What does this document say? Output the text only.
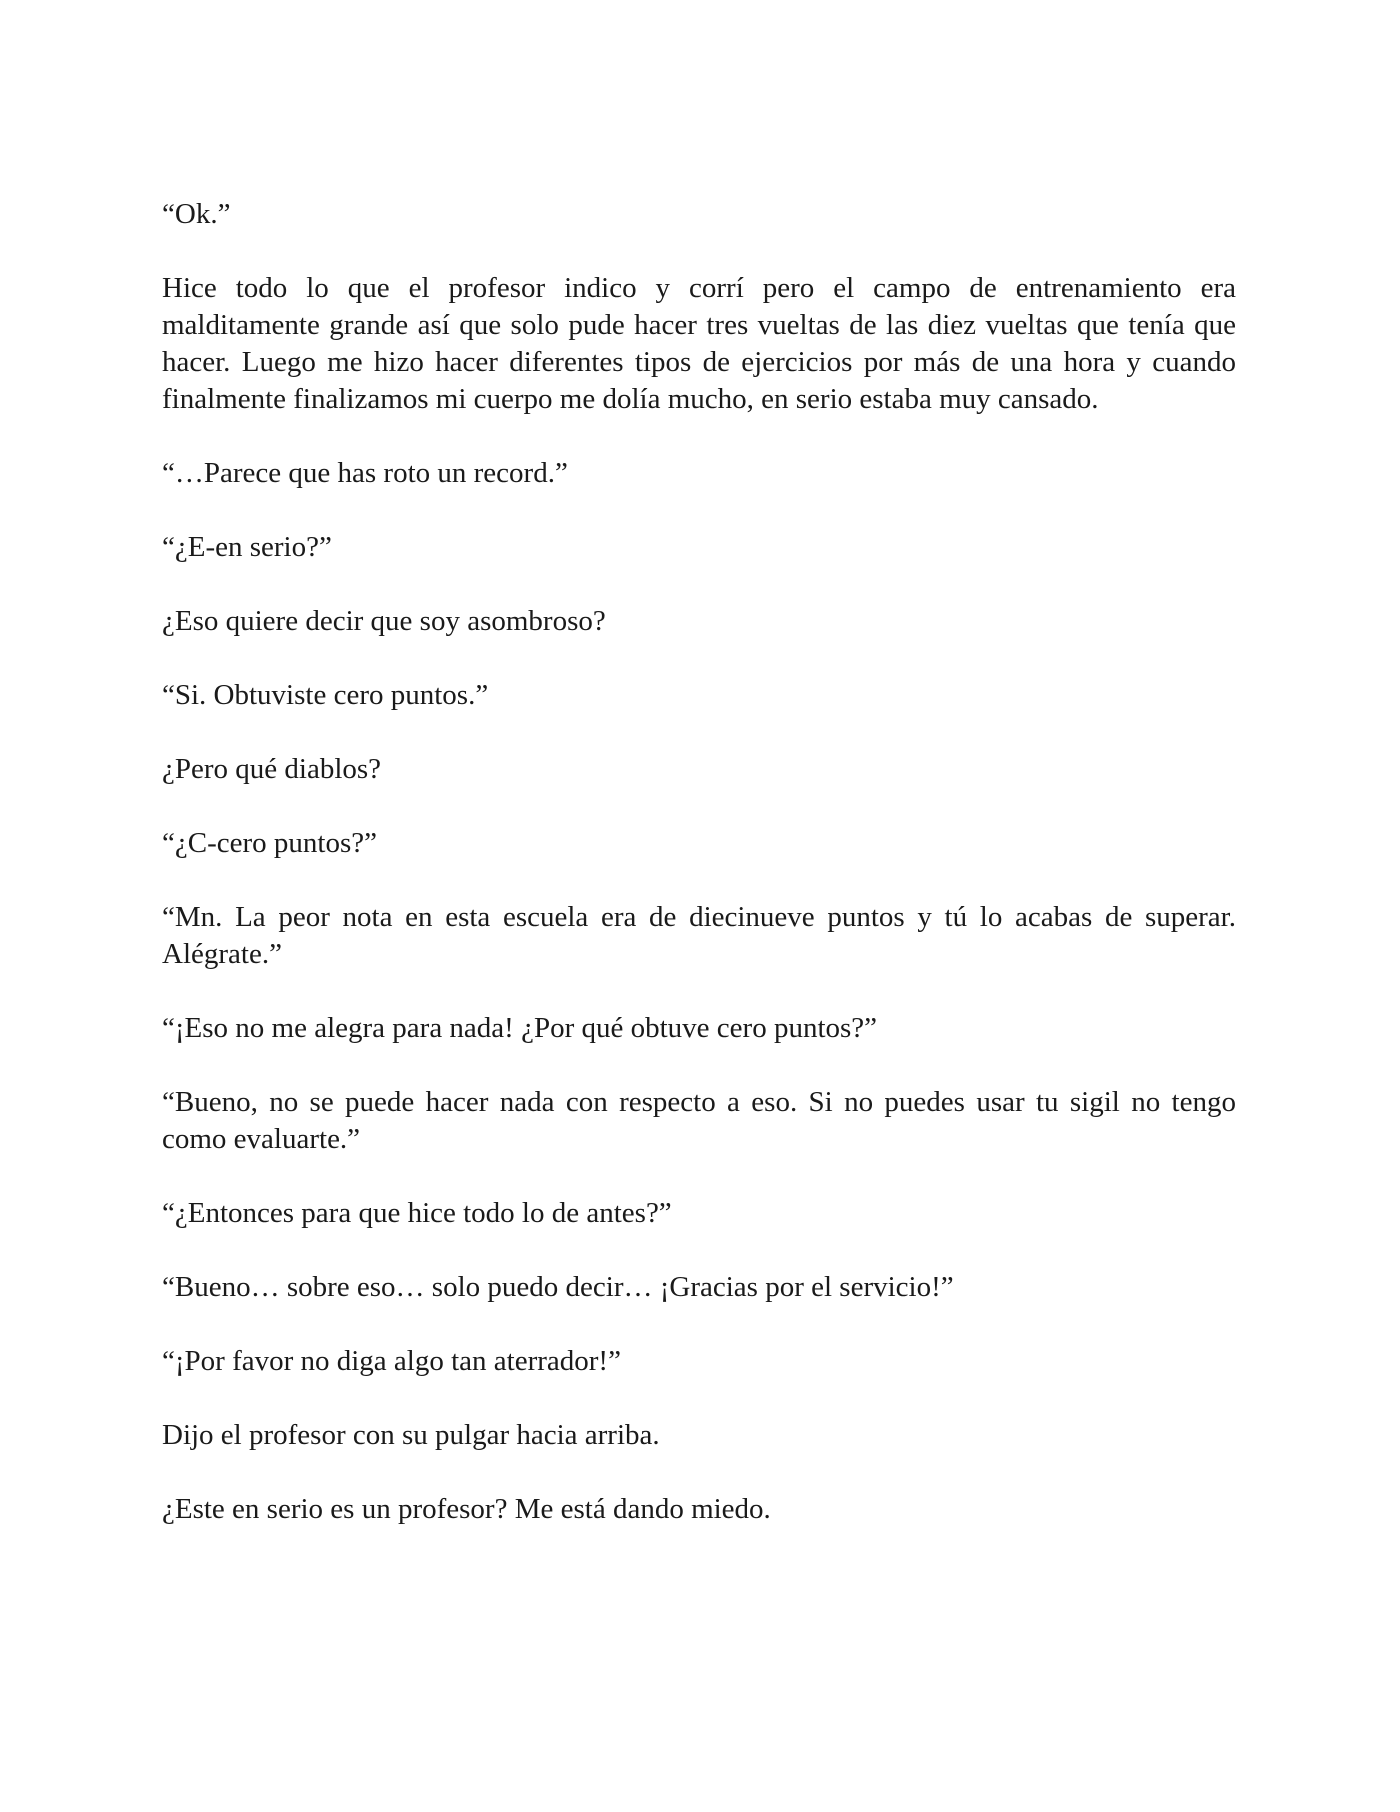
“Ok.”

Hice todo lo que el profesor indico y corrí pero el campo de entrenamiento era malditamente grande así que solo pude hacer tres vueltas de las diez vueltas que tenía que hacer. Luego me hizo hacer diferentes tipos de ejercicios por más de una hora y cuando finalmente finalizamos mi cuerpo me dolía mucho, en serio estaba muy cansado.

“…Parece que has roto un record.”

“¿E-en serio?”

¿Eso quiere decir que soy asombroso?

“Si. Obtuviste cero puntos.”

¿Pero qué diablos?

“¿C-cero puntos?”

“Mn. La peor nota en esta escuela era de diecinueve puntos y tú lo acabas de superar. Alégrate.”

“¡Eso no me alegra para nada! ¿Por qué obtuve cero puntos?”

“Bueno, no se puede hacer nada con respecto a eso. Si no puedes usar tu sigil no tengo como evaluarte.”

“¿Entonces para que hice todo lo de antes?”

“Bueno… sobre eso… solo puedo decir… ¡Gracias por el servicio!”

“¡Por favor no diga algo tan aterrador!”

Dijo el profesor con su pulgar hacia arriba.

¿Este en serio es un profesor? Me está dando miedo.
